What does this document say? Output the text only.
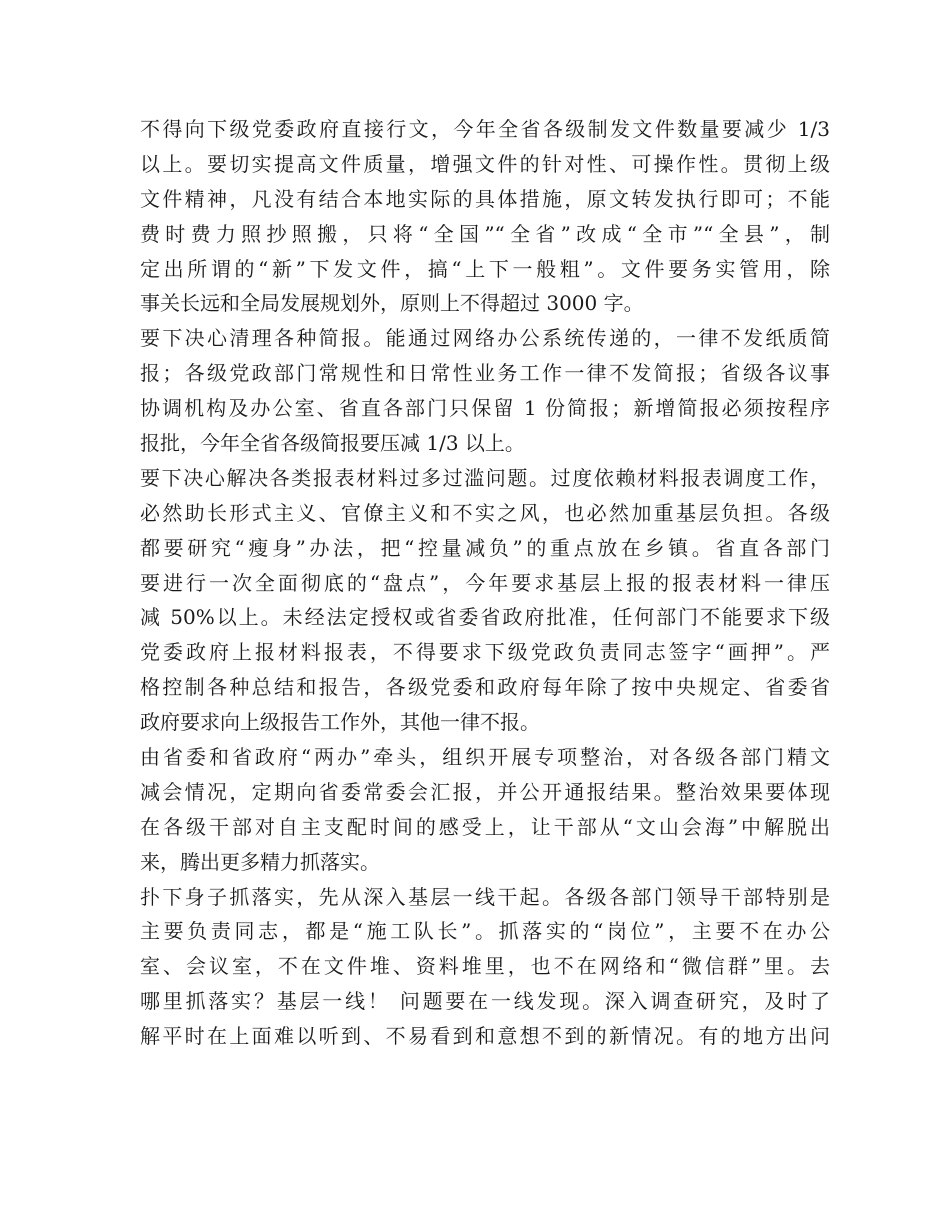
不得向下级党委政府直接行文，今年全省各级制发文件数量要减少 1/3
以上。要切实提高文件质量，增强文件的针对性、可操作性。贯彻上级
文件精神，凡没有结合本地实际的具体措施，原文转发执行即可；不能
费时费力照抄照搬，只将“全国”“全省”改成“全市”“全县”，制
定出所谓的“新”下发文件，搞“上下一般粗”。文件要务实管用，除
事关长远和全局发展规划外，原则上不得超过 3000 字。
要下决心清理各种简报。能通过网络办公系统传递的，一律不发纸质简
报；各级党政部门常规性和日常性业务工作一律不发简报；省级各议事
协调机构及办公室、省直各部门只保留 1 份简报；新增简报必须按程序
报批，今年全省各级简报要压减 1/3 以上。
要下决心解决各类报表材料过多过滥问题。过度依赖材料报表调度工作，
必然助长形式主义、官僚主义和不实之风，也必然加重基层负担。各级
都要研究“瘦身”办法，把“控量减负”的重点放在乡镇。省直各部门
要进行一次全面彻底的“盘点”，今年要求基层上报的报表材料一律压
减 50%以上。未经法定授权或省委省政府批准，任何部门不能要求下级
党委政府上报材料报表，不得要求下级党政负责同志签字“画押”。严
格控制各种总结和报告，各级党委和政府每年除了按中央规定、省委省
政府要求向上级报告工作外，其他一律不报。
由省委和省政府“两办”牵头，组织开展专项整治，对各级各部门精文
减会情况，定期向省委常委会汇报，并公开通报结果。整治效果要体现
在各级干部对自主支配时间的感受上，让干部从“文山会海”中解脱出
来，腾出更多精力抓落实。
扑下身子抓落实，先从深入基层一线干起。各级各部门领导干部特别是
主要负责同志，都是“施工队长”。抓落实的“岗位”，主要不在办公
室、会议室，不在文件堆、资料堆里，也不在网络和“微信群”里。去
哪里抓落实？基层一线！ 问题要在一线发现。深入调查研究，及时了
解平时在上面难以听到、不易看到和意想不到的新情况。有的地方出问
